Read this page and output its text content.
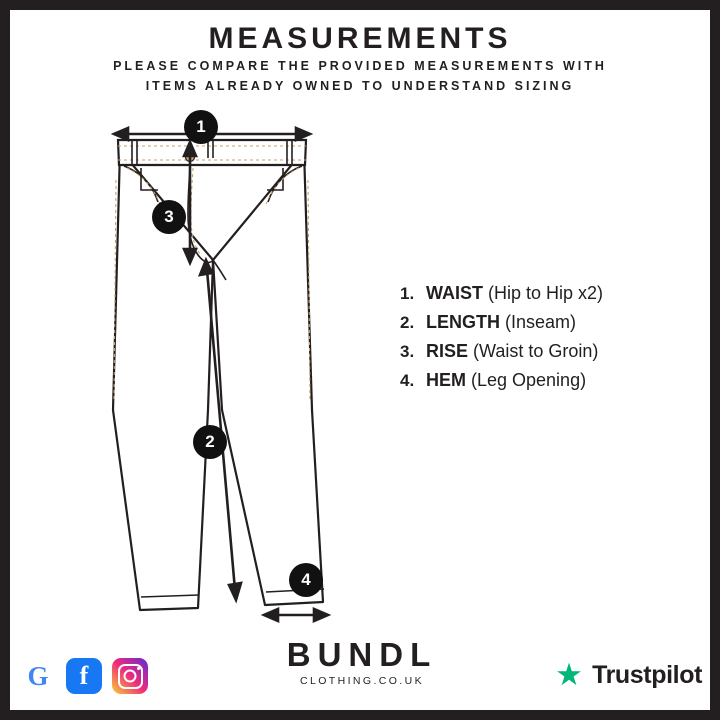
MEASUREMENTS
PLEASE COMPARE THE PROVIDED MEASUREMENTS WITH
ITEMS ALREADY OWNED TO UNDERSTAND SIZING
1
3
2
4
1. WAIST (Hip to Hip x2)
2. LENGTH (Inseam)
3. RISE (Waist to Groin)
4. HEM (Leg Opening)
BUNDL
CLOTHING.CO.UK
G	f	★ Trustpilot
